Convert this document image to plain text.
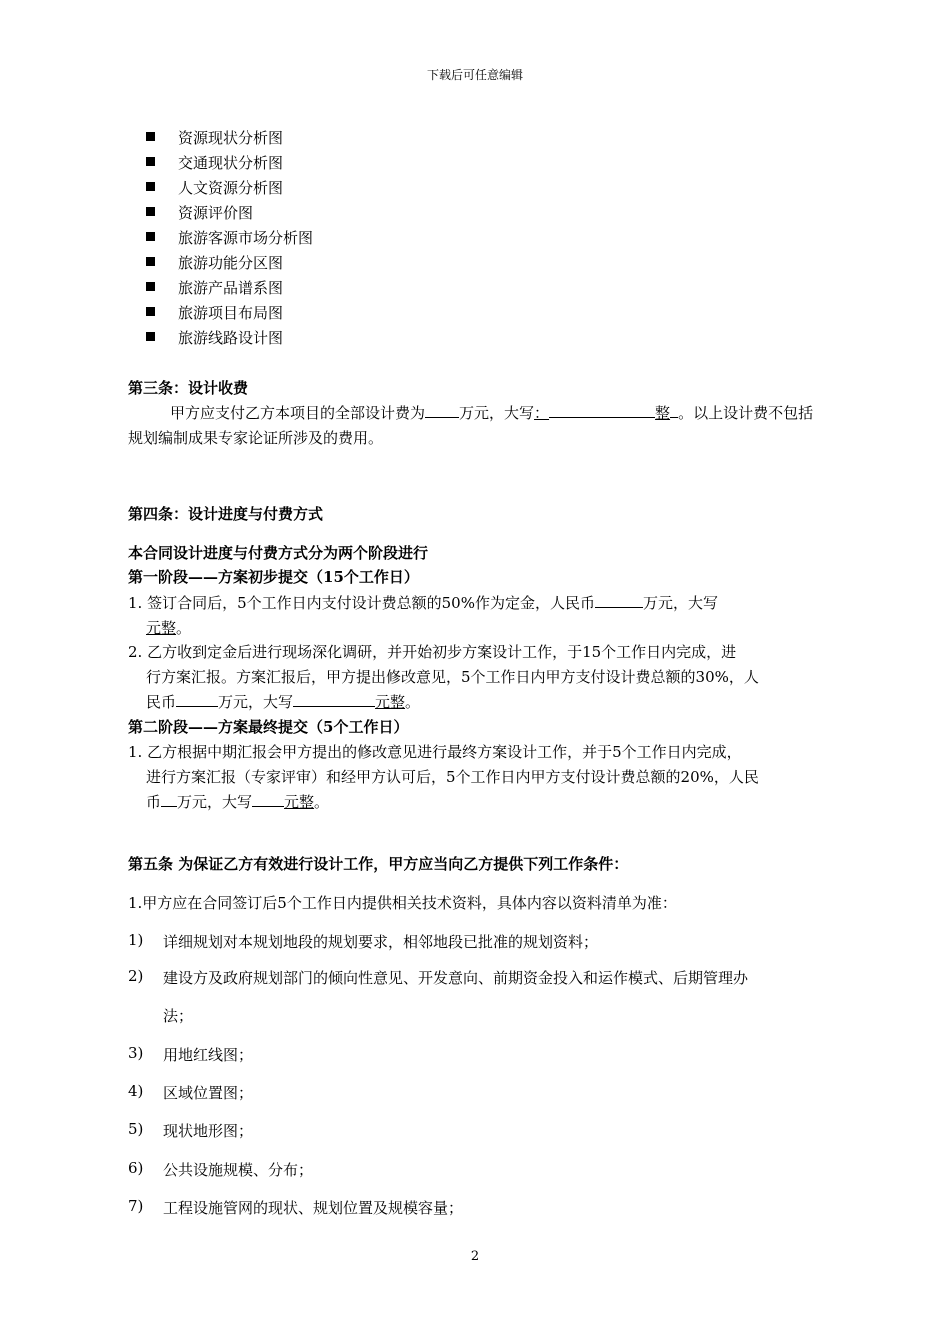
下载后可任意编辑
资源现状分析图
交通现状分析图
人文资源分析图
资源评价图
旅游客源市场分析图
旅游功能分区图
旅游产品谱系图
旅游项目布局图
旅游线路设计图
第三条：设计收费
甲方应支付乙方本项目的全部设计费为 万元，大写：	整 。以上设计费不包括
规划编制成果专家论证所涉及的费用。
第四条：设计进度与付费方式
本合同设计进度与付费方式分为两个阶段进行
第一阶段——方案初步提交（15个工作日）
1. 签订合同后，5个工作日内支付设计费总额的50%作为定金，人民币	万元，大写
元整。
2. 乙方收到定金后进行现场深化调研，并开始初步方案设计工作，于15个工作日内完成，进
行方案汇报。方案汇报后，甲方提出修改意见，5个工作日内甲方支付设计费总额的30%，人
民币	万元，大写	元整。
第二阶段——方案最终提交（5个工作日）
1. 乙方根据中期汇报会甲方提出的修改意见进行最终方案设计工作，并于5个工作日内完成，
进行方案汇报（专家评审）和经甲方认可后，5个工作日内甲方支付设计费总额的20%，人民
币 万元，大写 元整。
第五条 为保证乙方有效进行设计工作，甲方应当向乙方提供下列工作条件：
1.甲方应在合同签订后5个工作日内提供相关技术资料，具体内容以资料清单为准：
1) 详细规划对本规划地段的规划要求，相邻地段已批准的规划资料；
2) 建设方及政府规划部门的倾向性意见、开发意向、前期资金投入和运作模式、后期管理办
法；
3) 用地红线图；
4) 区域位置图；
5) 现状地形图；
6) 公共设施规模、分布；
7) 工程设施管网的现状、规划位置及规模容量；
2
